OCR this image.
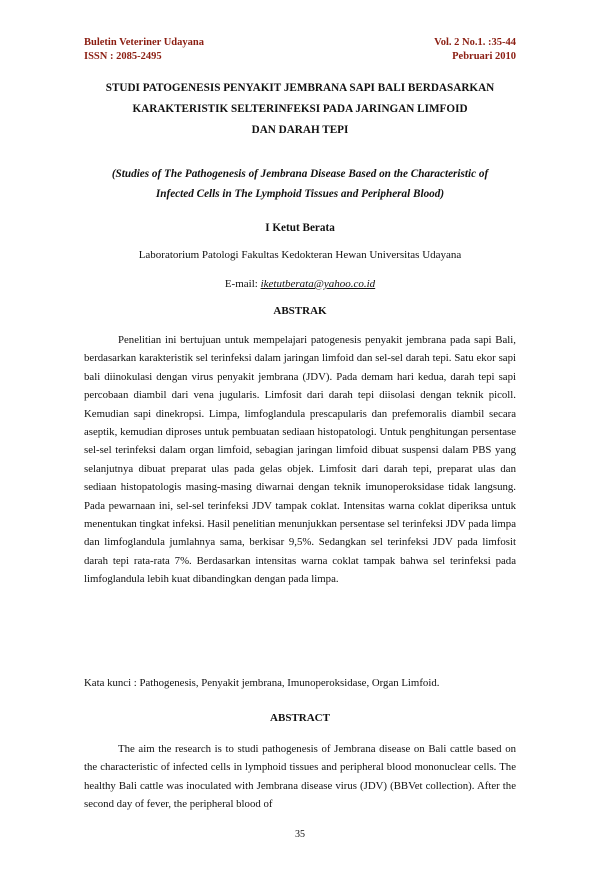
Buletin Veteriner Udayana
ISSN : 2085-2495
Vol. 2 No.1. :35-44
Pebruari 2010
STUDI PATOGENESIS PENYAKIT JEMBRANA SAPI BALI BERDASARKAN
KARAKTERISTIK SELTERINFEKSI PADA JARINGAN LIMFOID
DAN DARAH TEPI
(Studies of The Pathogenesis of Jembrana Disease Based on the Characteristic of
Infected Cells in The Lymphoid Tissues and Peripheral Blood)
I Ketut Berata
Laboratorium Patologi Fakultas Kedokteran Hewan Universitas Udayana
E-mail: iketutberata@yahoo.co.id
ABSTRAK

Penelitian ini bertujuan untuk mempelajari patogenesis penyakit jembrana pada sapi Bali, berdasarkan karakteristik sel terinfeksi dalam jaringan limfoid dan sel-sel darah tepi. Satu ekor sapi bali diinokulasi dengan virus penyakit jembrana (JDV). Pada demam hari kedua, darah tepi sapi percobaan diambil dari vena jugularis. Limfosit dari darah tepi diisolasi dengan teknik picoll. Kemudian sapi dinekropsi. Limpa, limfoglandula prescapularis dan prefemoralis diambil secara aseptik, kemudian diproses untuk pembuatan sediaan histopatologi. Untuk penghitungan persentase sel-sel terinfeksi dalam organ limfoid, sebagian jaringan limfoid dibuat suspensi dalam PBS yang selanjutnya dibuat preparat ulas pada gelas objek. Limfosit dari darah tepi, preparat ulas dan sediaan histopatologis masing-masing diwarnai dengan teknik imunoperoksidase tidak langsung. Pada pewarnaan ini, sel-sel terinfeksi JDV tampak coklat. Intensitas warna coklat diperiksa untuk menentukan tingkat infeksi. Hasil penelitian menunjukkan persentase sel terinfeksi JDV pada limpa dan limfoglandula jumlahnya sama, berkisar 9,5%. Sedangkan sel terinfeksi JDV pada limfosit darah tepi rata-rata 7%. Berdasarkan intensitas warna coklat tampak bahwa sel terinfeksi pada limfoglandula lebih kuat dibandingkan dengan pada limpa.

Kata kunci : Pathogenesis, Penyakit jembrana, Imunoperoksidase, Organ Limfoid.

ABSTRACT

The aim the research is to studi pathogenesis of Jembrana disease on Bali cattle based on the characteristic of infected cells in lymphoid tissues and peripheral blood mononuclear cells. The healthy Bali cattle was inoculated with Jembrana disease virus (JDV) (BBVet collection). After the second day of fever, the peripheral blood of

35
